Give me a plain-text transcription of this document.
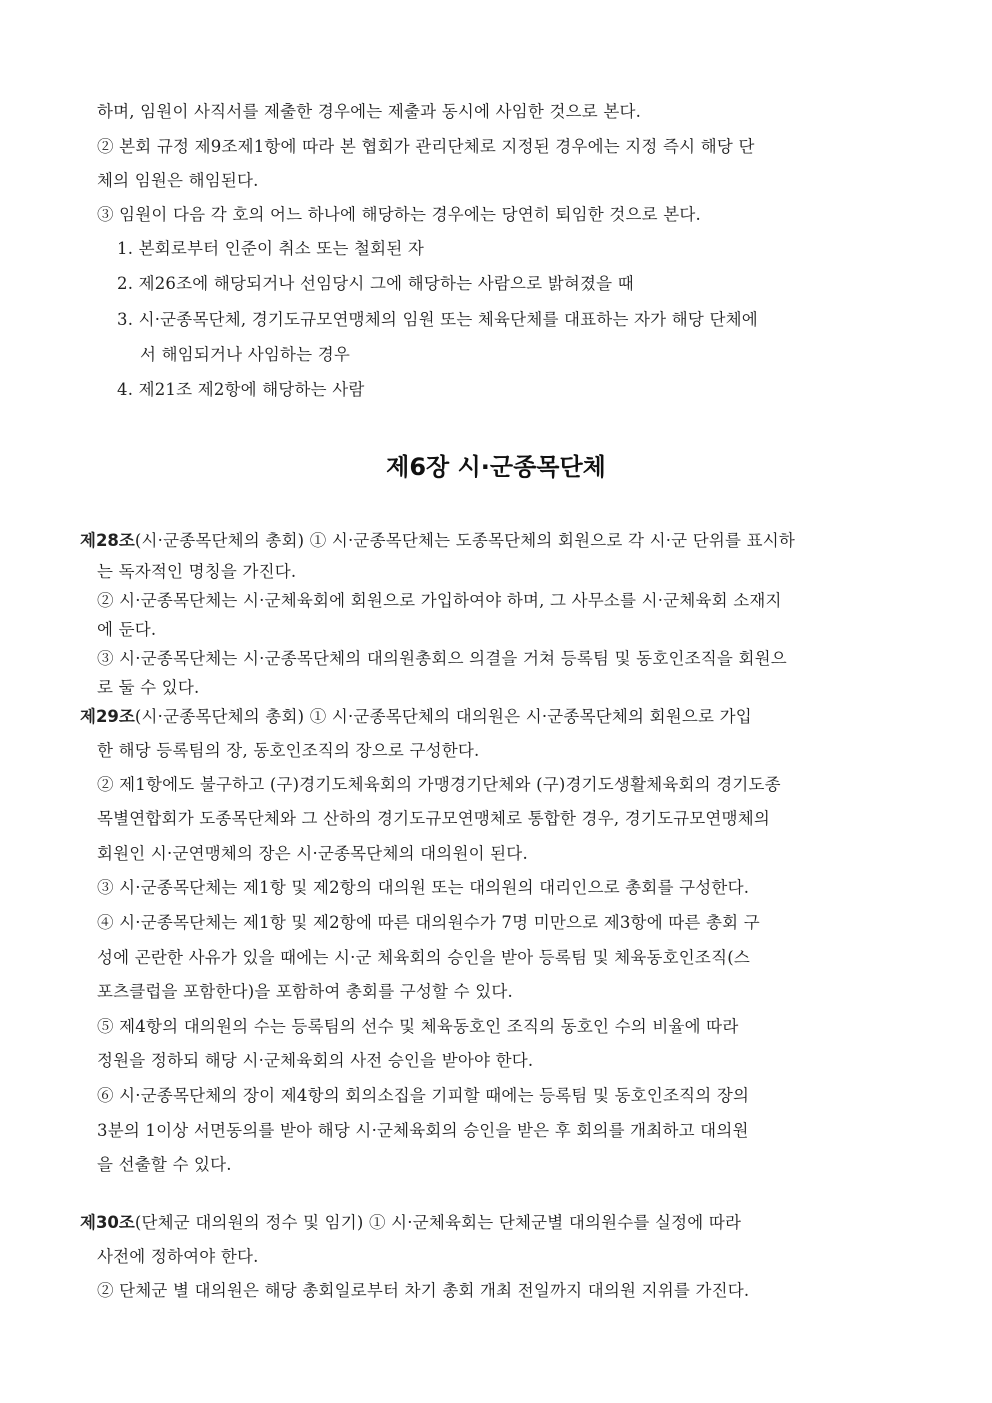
하며, 임원이 사직서를 제출한 경우에는 제출과 동시에 사임한 것으로 본다.
② 본회 규정 제9조제1항에 따라 본 협회가 관리단체로 지정된 경우에는 지정 즉시 해당 단
체의 임원은 해임된다.
③ 임원이 다음 각 호의 어느 하나에 해당하는 경우에는 당연히 퇴임한 것으로 본다.
1. 본회로부터 인준이 취소 또는 철회된 자
2. 제26조에 해당되거나 선임당시 그에 해당하는 사람으로 밝혀졌을 때
3. 시·군종목단체, 경기도규모연맹체의 임원 또는 체육단체를 대표하는 자가 해당 단체에
서 해임되거나 사임하는 경우
4. 제21조 제2항에 해당하는 사람
제6장 시·군종목단체
제28조(시·군종목단체의 총회) ① 시·군종목단체는 도종목단체의 회원으로 각 시·군 단위를 표시하
는 독자적인 명칭을 가진다.
② 시·군종목단체는 시·군체육회에 회원으로 가입하여야 하며, 그 사무소를 시·군체육회 소재지
에 둔다.
③ 시·군종목단체는 시·군종목단체의 대의원총회으 의결을 거쳐 등록팀 및 동호인조직을 회원으
로 둘 수 있다.
제29조(시·군종목단체의 총회) ① 시·군종목단체의 대의원은 시·군종목단체의 회원으로 가입
한 해당 등록팀의 장, 동호인조직의 장으로 구성한다.
② 제1항에도 불구하고 (구)경기도체육회의 가맹경기단체와 (구)경기도생활체육회의 경기도종
목별연합회가 도종목단체와 그 산하의 경기도규모연맹체로 통합한 경우, 경기도규모연맹체의
회원인 시·군연맹체의 장은 시·군종목단체의 대의원이 된다.
③ 시·군종목단체는 제1항 및 제2항의 대의원 또는 대의원의 대리인으로 총회를 구성한다.
④ 시·군종목단체는 제1항 및 제2항에 따른 대의원수가 7명 미만으로 제3항에 따른 총회 구
성에 곤란한 사유가 있을 때에는 시·군 체육회의 승인을 받아 등록팀 및 체육동호인조직(스
포츠클럽을 포함한다)을 포함하여 총회를 구성할 수 있다.
⑤ 제4항의 대의원의 수는 등록팀의 선수 및 체육동호인 조직의 동호인 수의 비율에 따라
정원을 정하되 해당 시·군체육회의 사전 승인을 받아야 한다.
⑥ 시·군종목단체의 장이 제4항의 회의소집을 기피할 때에는 등록팀 및 동호인조직의 장의
3분의 1이상 서면동의를 받아 해당 시·군체육회의 승인을 받은 후 회의를 개최하고 대의원
을 선출할 수 있다.
제30조(단체군 대의원의 정수 및 임기) ① 시·군체육회는 단체군별 대의원수를 실정에 따라
사전에 정하여야 한다.
② 단체군 별 대의원은 해당 총회일로부터 차기 총회 개최 전일까지 대의원 지위를 가진다.
